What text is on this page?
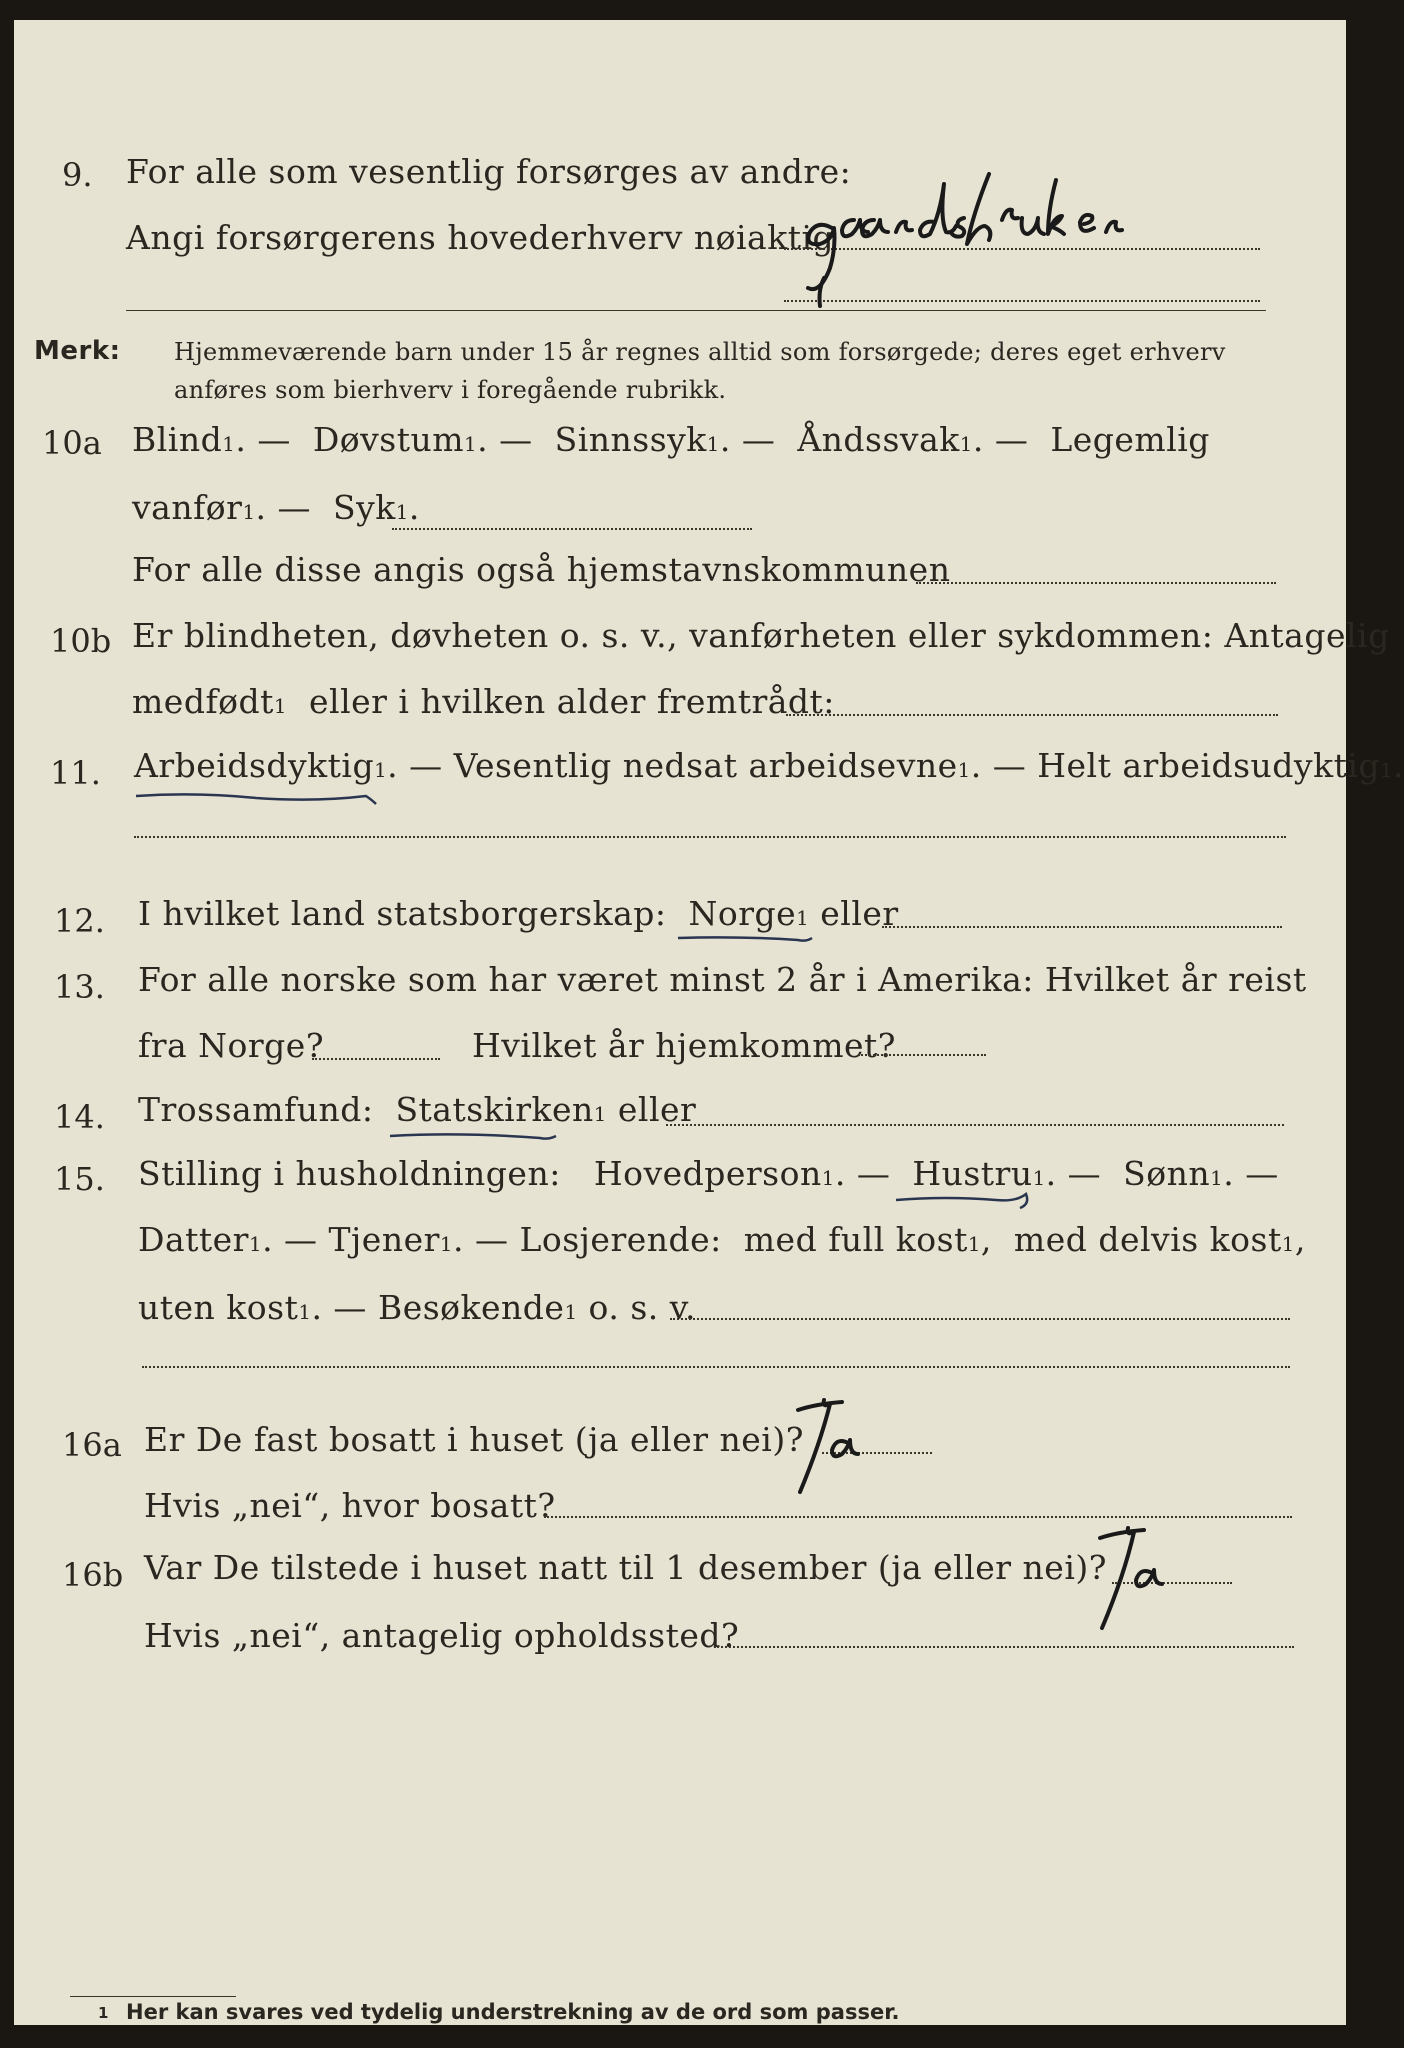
9. For alle som vesentlig forsørges av andre:
Angi forsørgerens hovederhverv nøiaktig
Merk: Hjemmeværende barn under 15 år regnes alltid som forsørgede; deres eget erhverv
anføres som bierhverv i foregående rubrikk.
10a Blind$^1$. —  Døvstum$^1$. —  Sinnssyk$^1$. —  Åndssvak$^1$. —  Legemlig
vanfør$^1$. —  Syk$^1$.
For alle disse angis også hjemstavnskommunen
10b Er blindheten, døvheten o. s. v., vanførheten eller sykdommen: Antagelig
medfødt$^1$ eller i hvilken alder fremtrådt:
11. Arbeidsdyktig$^1$. — Vesentlig nedsat arbeidsevne$^1$. — Helt arbeidsudyktig$^1$.
12. I hvilket land statsborgerskap: Norge$^1$ eller
13. For alle norske som har været minst 2 år i Amerika: Hvilket år reist
fra Norge?	Hvilket år hjemkommet?
14. Trossamfund: Statskirken$^1$ eller
15. Stilling i husholdningen: Hovedperson$^1$. —  Hustru$^1$. —  Sønn$^1$. —
Datter$^1$. — Tjener$^1$. — Losjerende: med full kost$^1$,  med delvis kost$^1$,
uten kost$^1$. — Besøkende$^1$ o. s. v.
16a Er De fast bosatt i huset (ja eller nei)?
Hvis „nei“, hvor bosatt?
16b Var De tilstede i huset natt til 1 desember (ja eller nei)?
Hvis „nei“, antagelig opholdssted?
1 Her kan svares ved tydelig understrekning av de ord som passer.
